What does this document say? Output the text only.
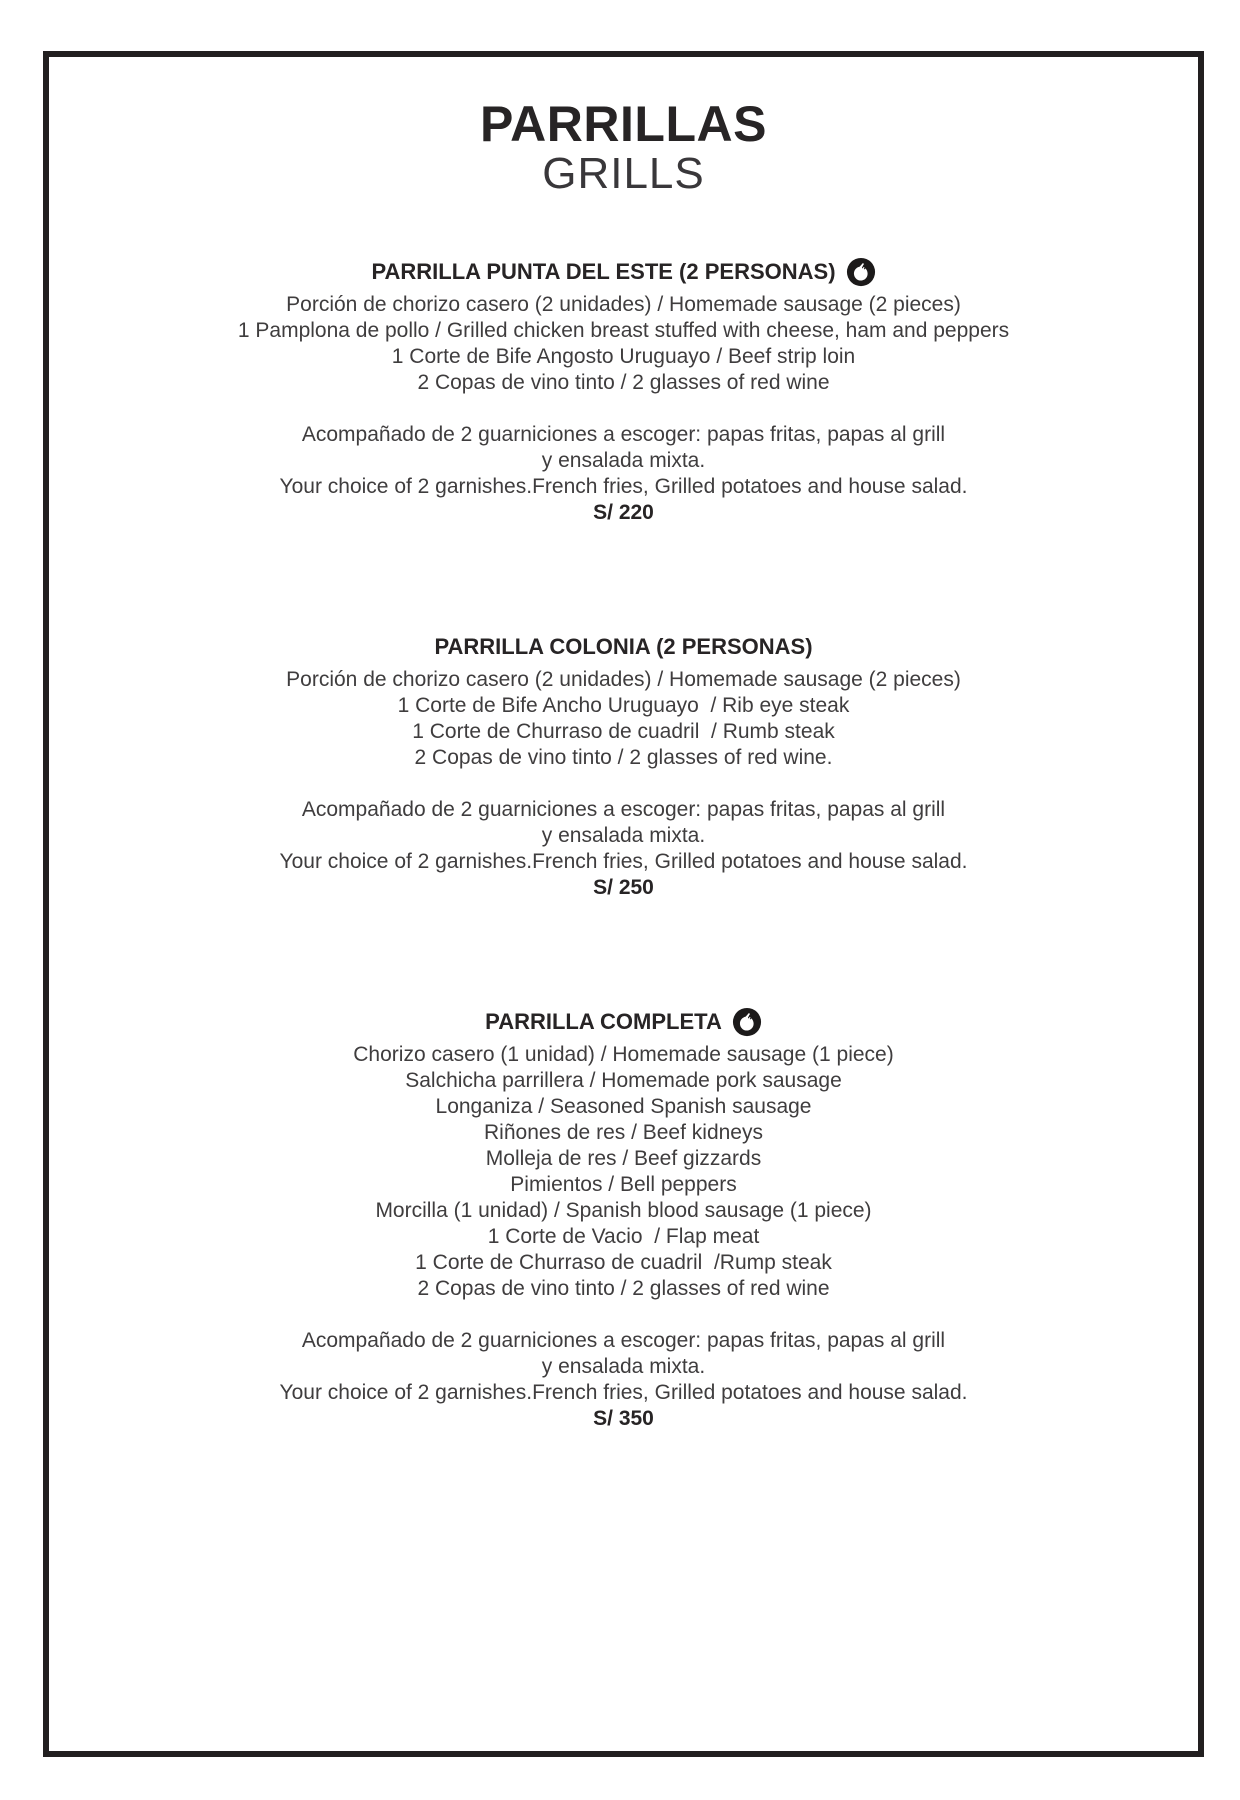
PARRILLAS
GRILLS
PARRILLA PUNTA DEL ESTE (2 PERSONAS)

Porción de chorizo casero (2 unidades) / Homemade sausage (2 pieces)

1 Pamplona de pollo / Grilled chicken breast stuffed with cheese, ham and peppers

1 Corte de Bife Angosto Uruguayo / Beef strip loin

2 Copas de vino tinto / 2 glasses of red wine

Acompañado de 2 guarniciones a escoger: papas fritas, papas al grill

y ensalada mixta.

Your choice of 2 garnishes.French fries, Grilled potatoes and house salad.

S/ 220

PARRILLA COLONIA (2 PERSONAS)

Porción de chorizo casero (2 unidades) / Homemade sausage (2 pieces)

1 Corte de Bife Ancho Uruguayo  / Rib eye steak

1 Corte de Churraso de cuadril  / Rumb steak

2 Copas de vino tinto / 2 glasses of red wine.

Acompañado de 2 guarniciones a escoger: papas fritas, papas al grill

y ensalada mixta.

Your choice of 2 garnishes.French fries, Grilled potatoes and house salad.

S/ 250

PARRILLA COMPLETA

Chorizo casero (1 unidad) / Homemade sausage (1 piece)

Salchicha parrillera / Homemade pork sausage

Longaniza / Seasoned Spanish sausage

Riñones de res / Beef kidneys

Molleja de res / Beef gizzards

Pimientos / Bell peppers

Morcilla (1 unidad) / Spanish blood sausage (1 piece)

1 Corte de Vacio  / Flap meat

1 Corte de Churraso de cuadril  /Rump steak

2 Copas de vino tinto / 2 glasses of red wine

Acompañado de 2 guarniciones a escoger: papas fritas, papas al grill

y ensalada mixta.

Your choice of 2 garnishes.French fries, Grilled potatoes and house salad.

S/ 350
